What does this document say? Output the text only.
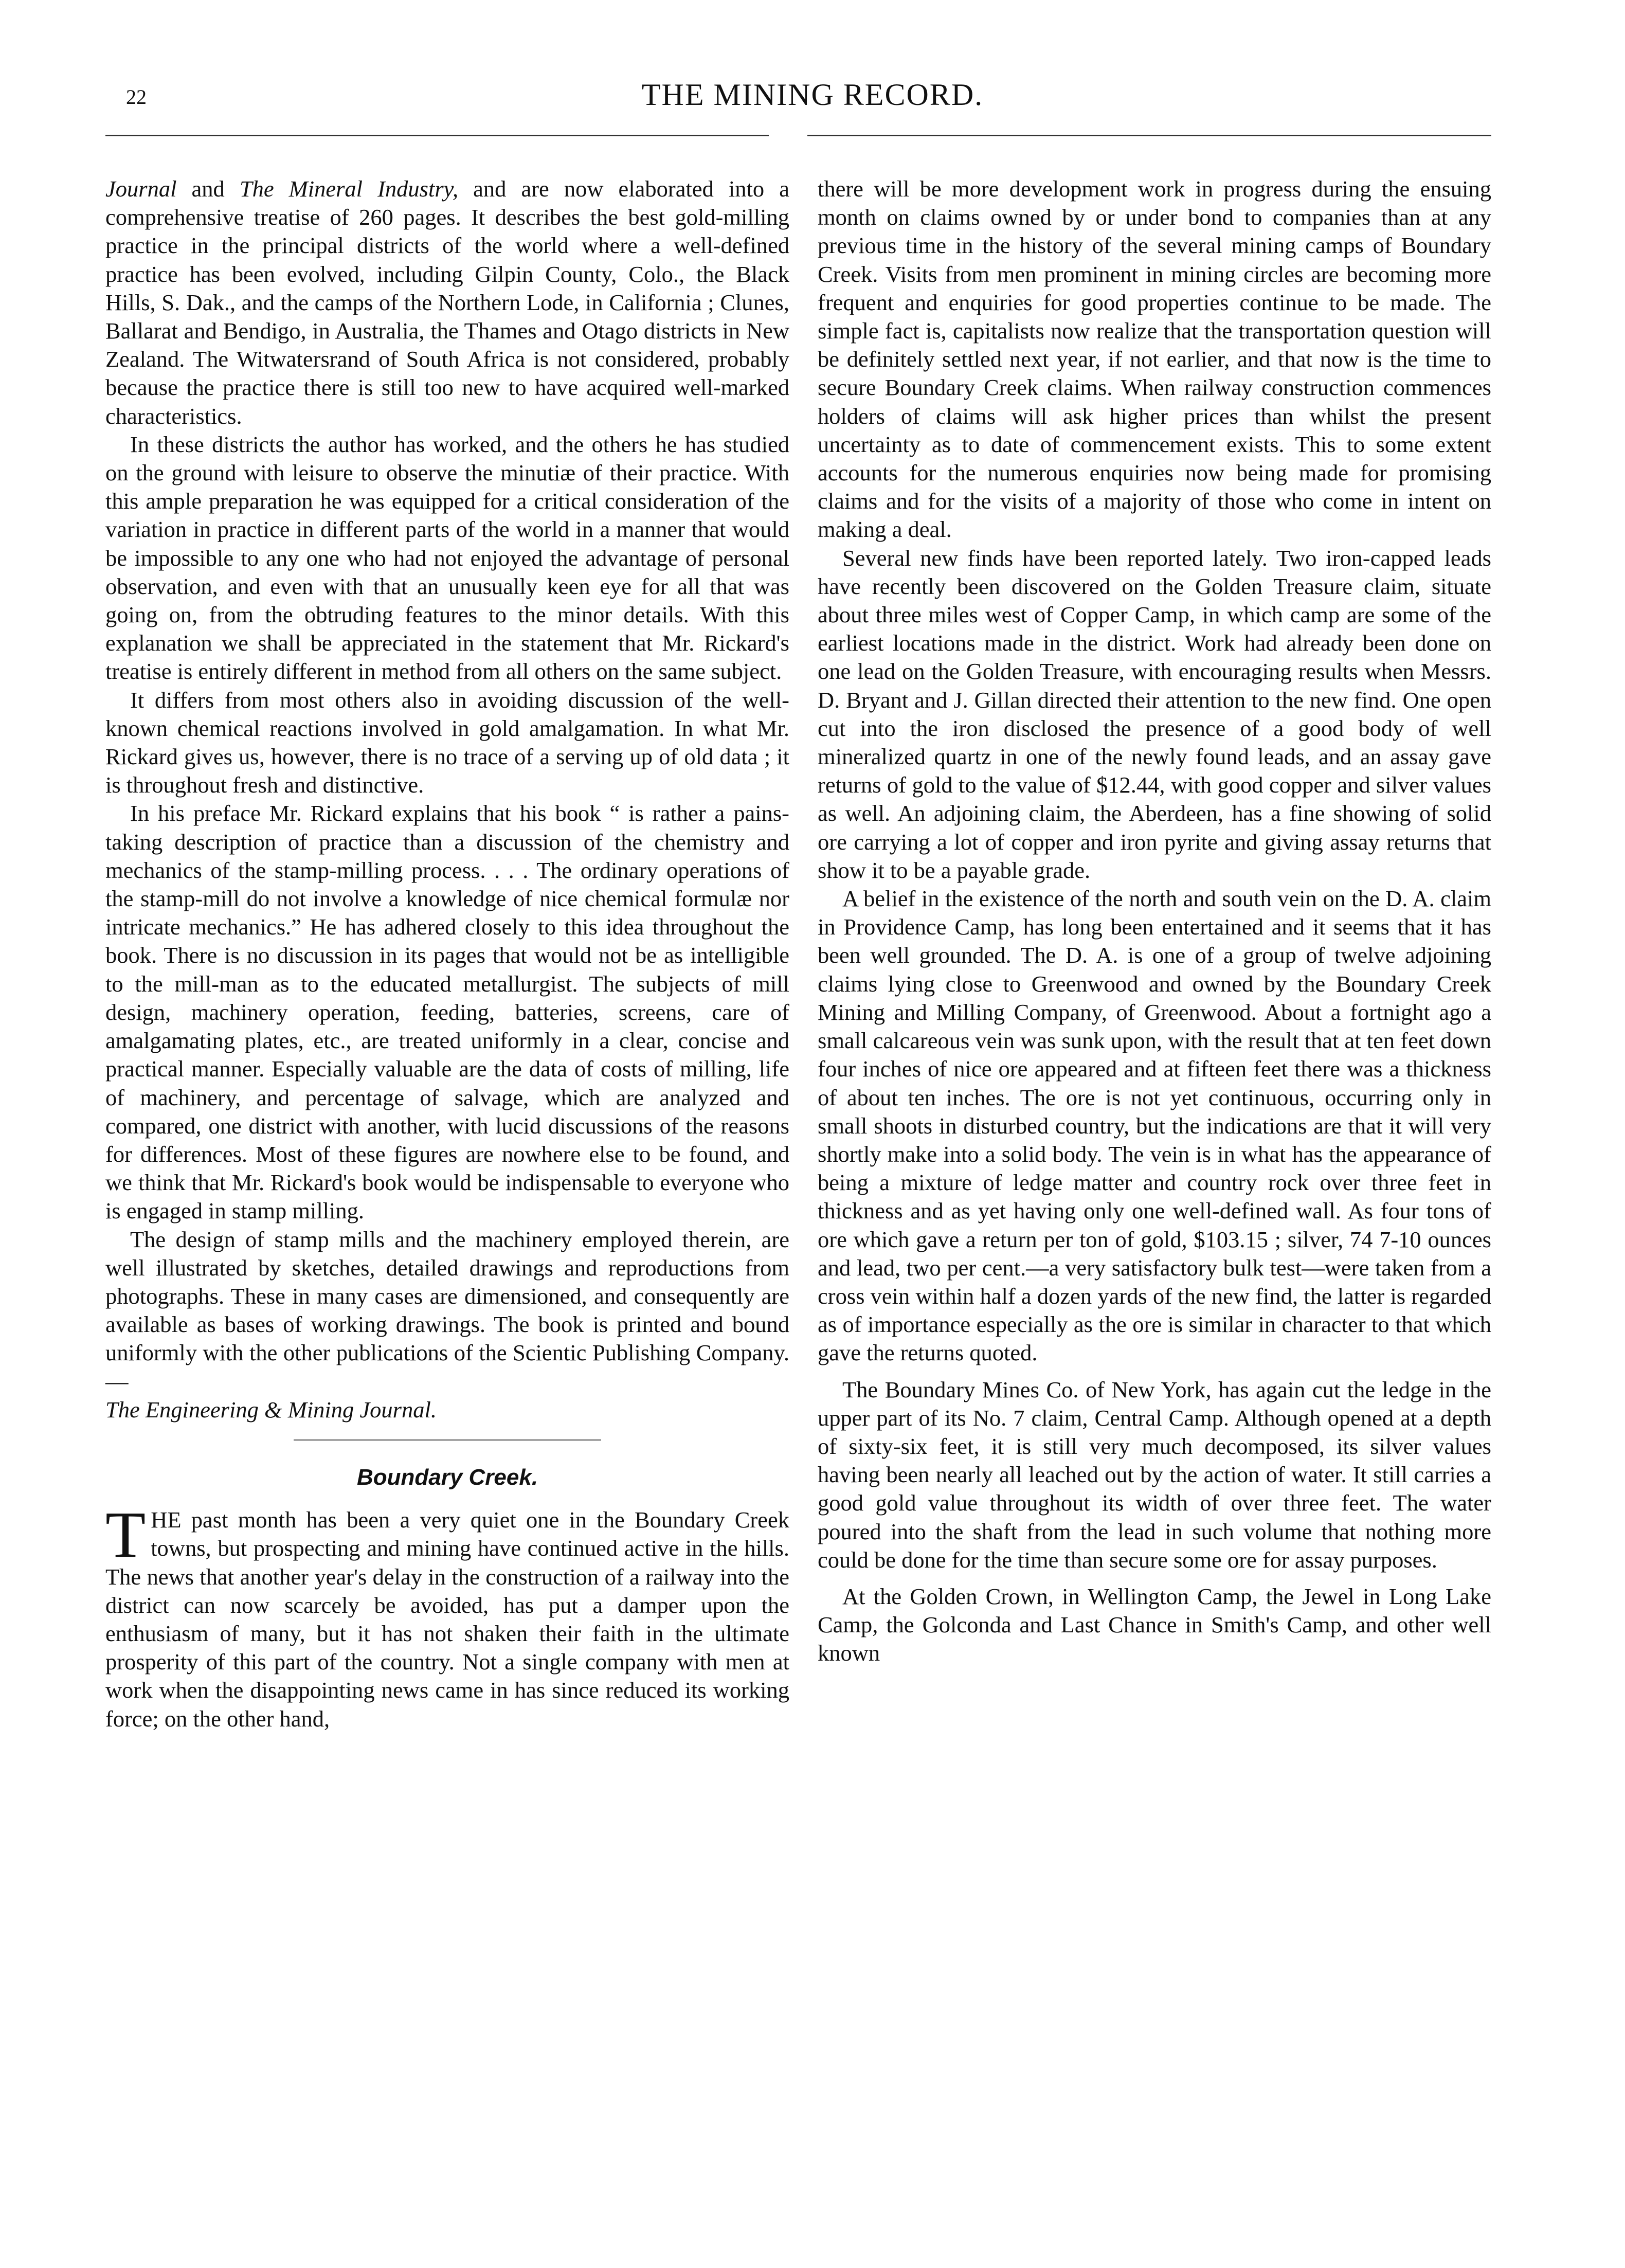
22	THE MINING RECORD.

Journal and The Mineral Industry, and are now elaborated into a comprehensive treatise of 260 pages. It describes the best gold-milling practice in the principal districts of the world where a well-defined practice has been evolved, including Gilpin County, Colo., the Black Hills, S. Dak., and the camps of the Northern Lode, in California ; Clunes, Ballarat and Bendigo, in Australia, the Thames and Otago districts in New Zealand. The Witwatersrand of South Africa is not considered, probably because the practice there is still too new to have acquired well-marked characteristics.

In these districts the author has worked, and the others he has studied on the ground with leisure to observe the minutiæ of their practice. With this ample preparation he was equipped for a critical consideration of the variation in practice in different parts of the world in a manner that would be impossible to any one who had not enjoyed the advantage of personal observation, and even with that an unusually keen eye for all that was going on, from the obtruding features to the minor details. With this explanation we shall be appreciated in the statement that Mr. Rickard's treatise is entirely different in method from all others on the same subject.

It differs from most others also in avoiding discussion of the well-known chemical reactions involved in gold amalgamation. In what Mr. Rickard gives us, however, there is no trace of a serving up of old data ; it is throughout fresh and distinctive.

In his preface Mr. Rickard explains that his book “ is rather a pains-taking description of practice than a discussion of the chemistry and mechanics of the stamp-milling process. . . . The ordinary operations of the stamp-mill do not involve a knowledge of nice chemical formulæ nor intricate mechanics.” He has adhered closely to this idea throughout the book. There is no discussion in its pages that would not be as intelligible to the mill-man as to the educated metallurgist. The subjects of mill design, machinery operation, feeding, batteries, screens, care of amalgamating plates, etc., are treated uniformly in a clear, concise and practical manner. Especially valuable are the data of costs of milling, life of machinery, and percentage of salvage, which are analyzed and compared, one district with another, with lucid discussions of the reasons for differences. Most of these figures are nowhere else to be found, and we think that Mr. Rickard's book would be indispensable to everyone who is engaged in stamp milling.

The design of stamp mills and the machinery employed therein, are well illustrated by sketches, detailed drawings and reproductions from photographs. These in many cases are dimensioned, and consequently are available as bases of working drawings. The book is printed and bound uniformly with the other publications of the Scientic Publishing Company.—
The Engineering & Mining Journal.

Boundary Creek.

THE past month has been a very quiet one in the Boundary Creek towns, but prospecting and mining have continued active in the hills. The news that another year's delay in the construction of a railway into the district can now scarcely be avoided, has put a damper upon the enthusiasm of many, but it has not shaken their faith in the ultimate prosperity of this part of the country. Not a single company with men at work when the disappointing news came in has since reduced its working force; on the other hand,

there will be more development work in progress during the ensuing month on claims owned by or under bond to companies than at any previous time in the history of the several mining camps of Boundary Creek. Visits from men prominent in mining circles are becoming more frequent and enquiries for good properties continue to be made. The simple fact is, capitalists now realize that the transportation question will be definitely settled next year, if not earlier, and that now is the time to secure Boundary Creek claims. When railway construction commences holders of claims will ask higher prices than whilst the present uncertainty as to date of commencement exists. This to some extent accounts for the numerous enquiries now being made for promising claims and for the visits of a majority of those who come in intent on making a deal.

Several new finds have been reported lately. Two iron-capped leads have recently been discovered on the Golden Treasure claim, situate about three miles west of Copper Camp, in which camp are some of the earliest locations made in the district. Work had already been done on one lead on the Golden Treasure, with encouraging results when Messrs. D. Bryant and J. Gillan directed their attention to the new find. One open cut into the iron disclosed the presence of a good body of well mineralized quartz in one of the newly found leads, and an assay gave returns of gold to the value of $12.44, with good copper and silver values as well. An adjoining claim, the Aberdeen, has a fine showing of solid ore carrying a lot of copper and iron pyrite and giving assay returns that show it to be a payable grade.

A belief in the existence of the north and south vein on the D. A. claim in Providence Camp, has long been entertained and it seems that it has been well grounded. The D. A. is one of a group of twelve adjoining claims lying close to Greenwood and owned by the Boundary Creek Mining and Milling Company, of Greenwood. About a fortnight ago a small calcareous vein was sunk upon, with the result that at ten feet down four inches of nice ore appeared and at fifteen feet there was a thickness of about ten inches. The ore is not yet continuous, occurring only in small shoots in disturbed country, but the indications are that it will very shortly make into a solid body. The vein is in what has the appearance of being a mixture of ledge matter and country rock over three feet in thickness and as yet having only one well-defined wall. As four tons of ore which gave a return per ton of gold, $103.15 ; silver, 74 7-10 ounces and lead, two per cent.—a very satisfactory bulk test—were taken from a cross vein within half a dozen yards of the new find, the latter is regarded as of importance especially as the ore is similar in character to that which gave the returns quoted.

The Boundary Mines Co. of New York, has again cut the ledge in the upper part of its No. 7 claim, Central Camp. Although opened at a depth of sixty-six feet, it is still very much decomposed, its silver values having been nearly all leached out by the action of water. It still carries a good gold value throughout its width of over three feet. The water poured into the shaft from the lead in such volume that nothing more could be done for the time than secure some ore for assay purposes.

At the Golden Crown, in Wellington Camp, the Jewel in Long Lake Camp, the Golconda and Last Chance in Smith's Camp, and other well known
